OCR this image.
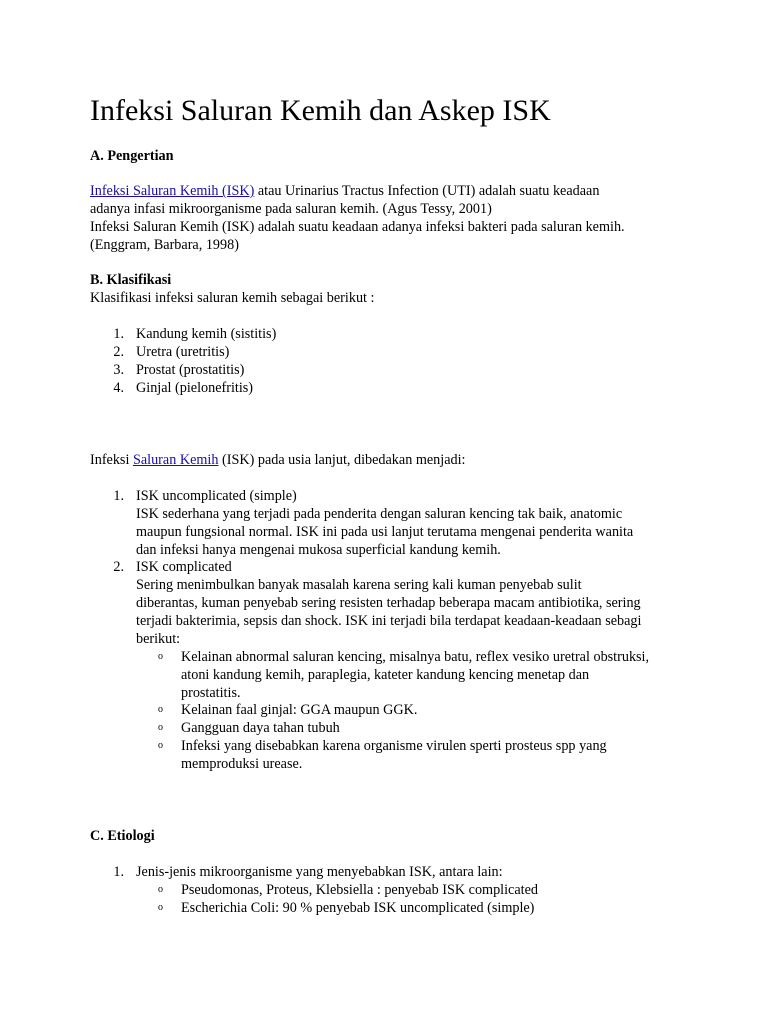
Infeksi Saluran Kemih dan Askep ISK

A. Pengertian

Infeksi Saluran Kemih (ISK) atau Urinarius Tractus Infection (UTI) adalah suatu keadaan
adanya infasi mikroorganisme pada saluran kemih. (Agus Tessy, 2001)
Infeksi Saluran Kemih (ISK) adalah suatu keadaan adanya infeksi bakteri pada saluran kemih.
(Enggram, Barbara, 1998)

B. Klasifikasi

Klasifikasi infeksi saluran kemih sebagai berikut :

1. Kandung kemih (sistitis)

2. Uretra (uretritis)

3. Prostat (prostatitis)

4. Ginjal (pielonefritis)

Infeksi Saluran Kemih (ISK) pada usia lanjut, dibedakan menjadi:

1. ISK uncomplicated (simple)
ISK sederhana yang terjadi pada penderita dengan saluran kencing tak baik, anatomic
maupun fungsional normal. ISK ini pada usi lanjut terutama mengenai penderita wanita
dan infeksi hanya mengenai mukosa superficial kandung kemih.

2. ISK complicated
Sering menimbulkan banyak masalah karena sering kali kuman penyebab sulit
diberantas, kuman penyebab sering resisten terhadap beberapa macam antibiotika, sering
terjadi bakterimia, sepsis dan shock. ISK ini terjadi bila terdapat keadaan-keadaan sebagi
berikut:

o Kelainan abnormal saluran kencing, misalnya batu, reflex vesiko uretral obstruksi,
atoni kandung kemih, paraplegia, kateter kandung kencing menetap dan
prostatitis.

o Kelainan faal ginjal: GGA maupun GGK.

o Gangguan daya tahan tubuh

o Infeksi yang disebabkan karena organisme virulen sperti prosteus spp yang
memproduksi urease.

C. Etiologi

1. Jenis-jenis mikroorganisme yang menyebabkan ISK, antara lain:

o Pseudomonas, Proteus, Klebsiella : penyebab ISK complicated

o Escherichia Coli: 90 % penyebab ISK uncomplicated (simple)
